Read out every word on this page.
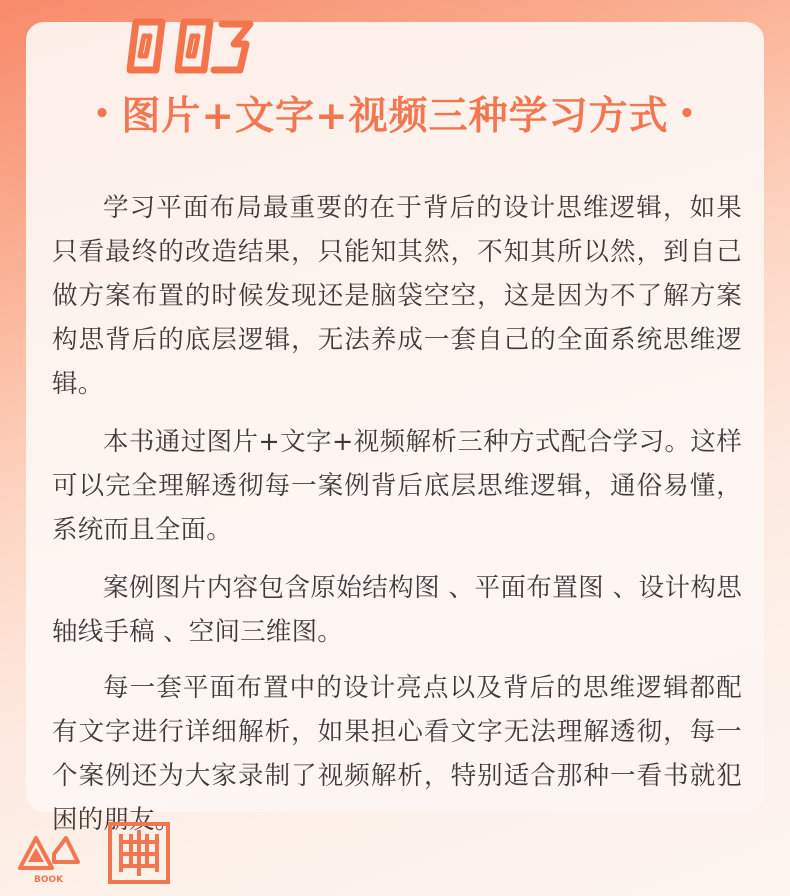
• 图片+文字+视频三种学习方式 •

学习平面布局最重要的在于背后的设计思维逻辑，如果只看最终的改造结果，只能知其然，不知其所以然，到自己做方案布置的时候发现还是脑袋空空，这是因为不了解方案构思背后的底层逻辑，无法养成一套自己的全面系统思维逻辑。

本书通过图片+文字+视频解析三种方式配合学习。这样可以完全理解透彻每一案例背后底层思维逻辑，通俗易懂，系统而且全面。

案例图片内容包含原始结构图 、平面布置图 、设计构思轴线手稿 、空间三维图。

每一套平面布置中的设计亮点以及背后的思维逻辑都配有文字进行详细解析，如果担心看文字无法理解透彻，每一个案例还为大家录制了视频解析，特别适合那种一看书就犯困的朋友。

BOOK
